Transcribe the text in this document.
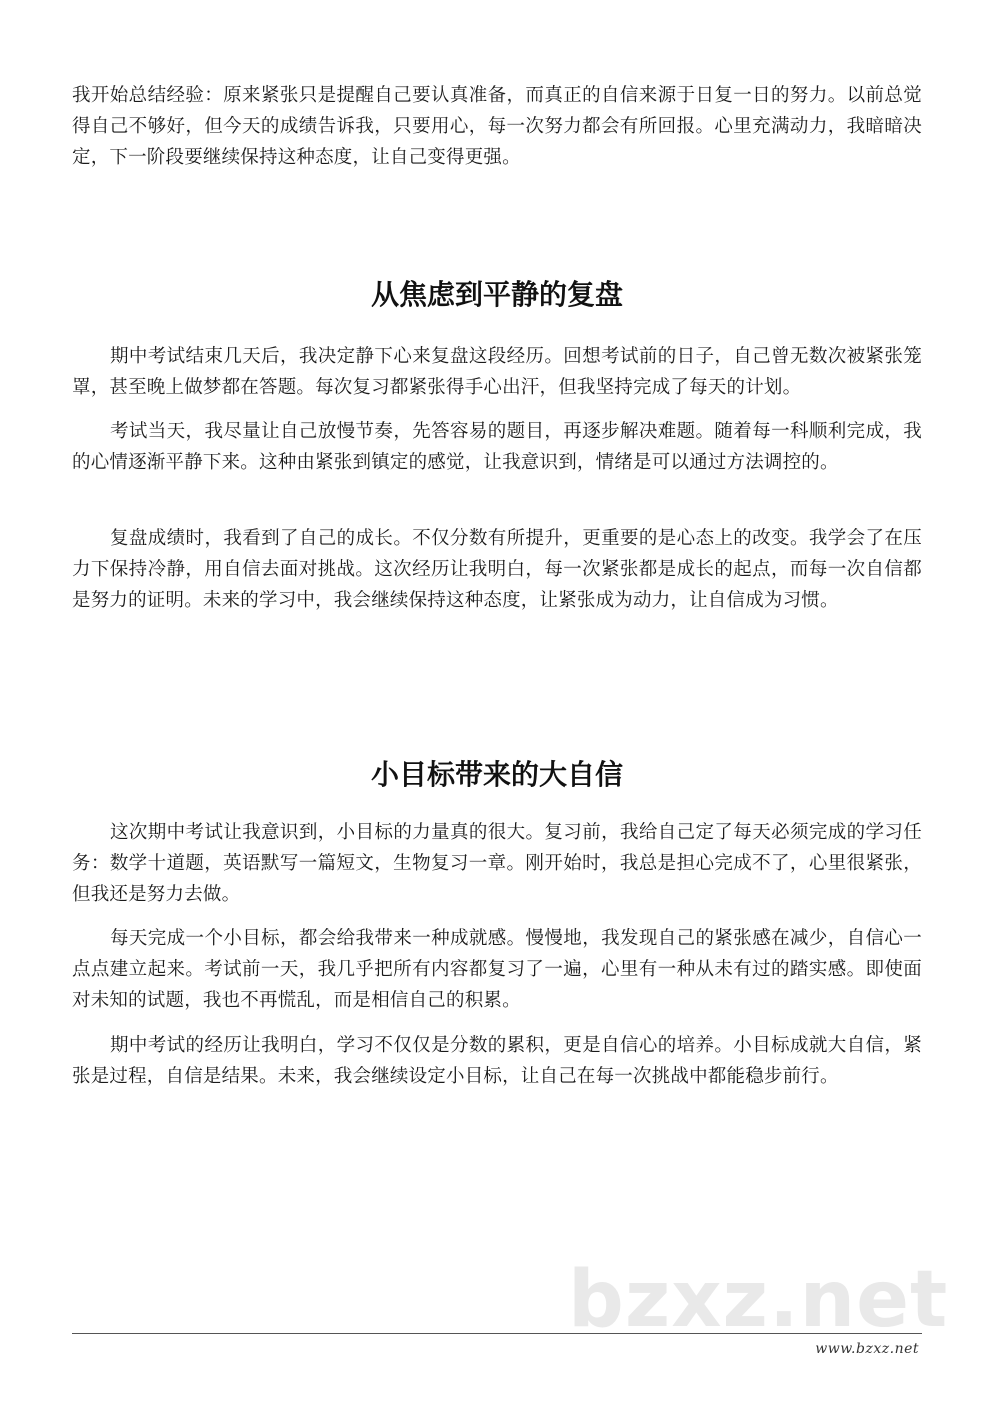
我开始总结经验：原来紧张只是提醒自己要认真准备，而真正的自信来源于日复一日的努力。以前总觉得自己不够好，但今天的成绩告诉我，只要用心，每一次努力都会有所回报。心里充满动力，我暗暗决定，下一阶段要继续保持这种态度，让自己变得更强。

从焦虑到平静的复盘

期中考试结束几天后，我决定静下心来复盘这段经历。回想考试前的日子，自己曾无数次被紧张笼罩，甚至晚上做梦都在答题。每次复习都紧张得手心出汗，但我坚持完成了每天的计划。

考试当天，我尽量让自己放慢节奏，先答容易的题目，再逐步解决难题。随着每一科顺利完成，我的心情逐渐平静下来。这种由紧张到镇定的感觉，让我意识到，情绪是可以通过方法调控的。

复盘成绩时，我看到了自己的成长。不仅分数有所提升，更重要的是心态上的改变。我学会了在压力下保持冷静，用自信去面对挑战。这次经历让我明白，每一次紧张都是成长的起点，而每一次自信都是努力的证明。未来的学习中，我会继续保持这种态度，让紧张成为动力，让自信成为习惯。

小目标带来的大自信

这次期中考试让我意识到，小目标的力量真的很大。复习前，我给自己定了每天必须完成的学习任务：数学十道题，英语默写一篇短文，生物复习一章。刚开始时，我总是担心完成不了，心里很紧张，但我还是努力去做。

每天完成一个小目标，都会给我带来一种成就感。慢慢地，我发现自己的紧张感在减少，自信心一点点建立起来。考试前一天，我几乎把所有内容都复习了一遍，心里有一种从未有过的踏实感。即使面对未知的试题，我也不再慌乱，而是相信自己的积累。

期中考试的经历让我明白，学习不仅仅是分数的累积，更是自信心的培养。小目标成就大自信，紧张是过程，自信是结果。未来，我会继续设定小目标，让自己在每一次挑战中都能稳步前行。

bzxz.net
www.bzxz.net
